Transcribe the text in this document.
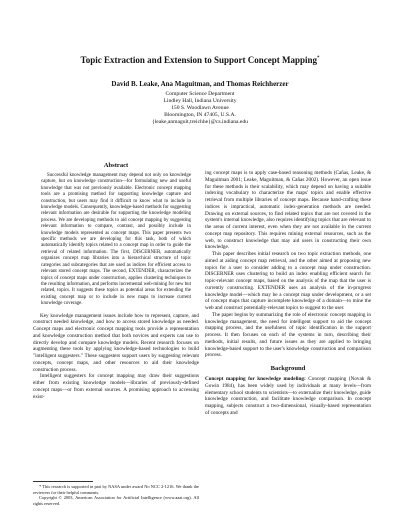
Topic Extraction and Extension to Support Concept Mapping*
David B. Leake, Ana Maguitman, and Thomas Reichherzer
Computer Science Department
Lindley Hall, Indiana University
150 S. Woodlawn Avenue
Bloomington, IN 47405, U.S.A.
{leake,anmaguit,treichhe}@cs.indiana.edu
Abstract

Successful knowledge management may depend not only on knowledge capture, but on knowledge construction—for formulating new and useful knowledge that was not previously available. Electronic concept mapping tools are a promising method for supporting knowledge capture and construction, but users may find it difficult to know what to include in knowledge models. Consequently, knowledge-based methods for suggesting relevant information are desirable for supporting the knowledge modeling process. We are developing methods to aid concept mapping by suggesting relevant information to compare, contrast, and possibly include in knowledge models represented as concept maps. This paper presents two specific methods we are developing for this task, both of which automatically identify topics related to a concept map in order to guide the retrieval of related information. The first, DISCERNER, automatically organizes concept map libraries into a hierarchical structure of topic categories and subcategories that are used as indices for efficient access to relevant stored concept maps. The second, EXTENDER, characterizes the topics of concept maps under construction, applies clustering techniques to the resulting information, and performs incremental web-mining for new but related, topics. It suggests these topics as potential areas for extending the existing concept map or to include in new maps to increase current knowledge coverage.

Key knowledge management issues include how to represent, capture, and construct needed knowledge, and how to access stored knowledge as needed. Concept maps and electronic concept mapping tools provide a representation and knowledge construction method that both novices and experts can use to directly develop and compare knowledge models. Recent research focuses on augmenting these tools by applying knowledge-based technologies to build "intelligent suggesters." These suggesters support users by suggesting relevant concepts, concept maps, and other resources to aid their knowledge construction process.

Intelligent suggesters for concept mapping may draw their suggestions either from existing knowledge models—libraries of previously-defined concept maps—or from external sources. A promising approach to accessing exist-

* This research is supported in part by NASA under award No NCC 2-1216. We thank the reviewers for their helpful comments.

Copyright © 2003, American Association for Artificial Intelligence (www.aaai.org). All rights reserved.

ing concept maps is to apply case-based reasoning methods (Cañas, Leake, & Maguitman 2001; Leake, Maguitman, & Cañas 2002). However, an open issue for these methods is their scalability, which may depend on having a suitable indexing vocabulary to characterize the maps' topics and enable effective retrieval from multiple libraries of concept maps. Because hand-crafting these indices is impractical, automatic index-generation methods are needed. Drawing on external sources, to find related topics that are not covered in the system's internal knowledge, also requires identifying topics that are relevant to the areas of current interest, even when they are not available in the current concept map repository. This requires mining external resources, such as the web, to construct knowledge that may aid users in constructing their own knowledge.

This paper describes initial research on two topic extraction methods, one aimed at aiding concept map retrieval, and the other aimed at proposing new topics for a user to consider adding to a concept map under construction. DISCERNER uses clustering to build an index enabling efficient search for topic-relevant concept maps, based on the analysis of the map that the user is currently constructing. EXTENDER uses an analysis of the in-progress knowledge model—which may be a concept map under development, or a set of concept maps that capture incomplete knowledge of a domain—to mine the web and construct potentially-relevant topics to suggest to the user.

The paper begins by summarizing the role of electronic concept mapping in knowledge management, the need for intelligent support to aid the concept mapping process, and the usefulness of topic identification in the support process. It then focuses on each of the systems in turn, describing their methods, initial results, and future issues as they are applied to bringing knowledge-based support to the user's knowledge construction and comparison process.

Background

Concept mapping for knowledge modeling: Concept mapping (Novak & Gowin 1984), has been widely used by individuals at many levels—from elementary school students to scientists—to externalize their knowledge, guide knowledge construction, and facilitate knowledge comparison. In concept mapping, subjects construct a two-dimensional, visually-based representation of concepts and
